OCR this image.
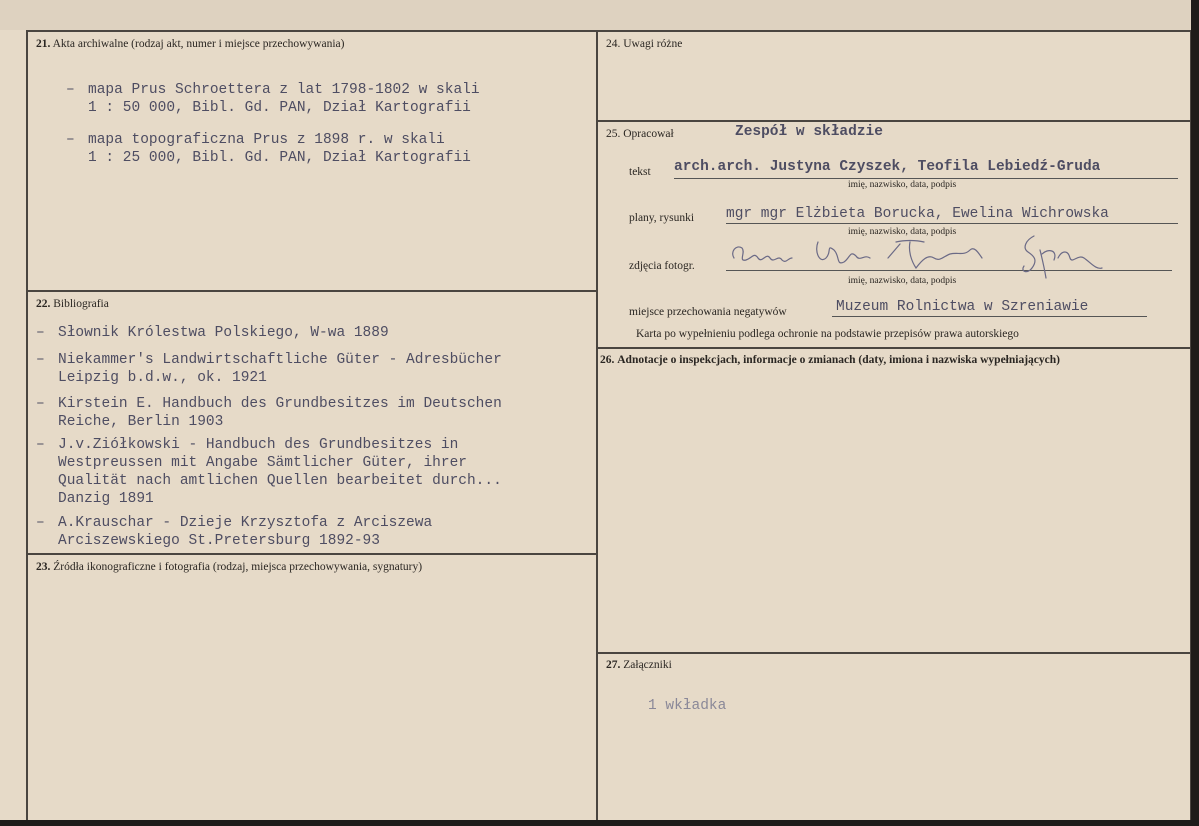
21. Akta archiwalne (rodzaj akt, numer i miejsce przechowywania)
– mapa Prus Schroettera z lat 1798-1802 w skali
1 : 50 000, Bibl. Gd. PAN, Dział Kartografii
– mapa topograficzna Prus z 1898 r. w skali
1 : 25 000, Bibl. Gd. PAN, Dział Kartografii
22. Bibliografia
– Słownik Królestwa Polskiego, W-wa 1889
– Niekammer's Landwirtschaftliche Güter - Adresbücher
Leipzig b.d.w., ok. 1921
– Kirstein E. Handbuch des Grundbesitzes im Deutschen
Reiche, Berlin 1903
– J.v.Ziółkowski - Handbuch des Grundbesitzes in
Westpreussen mit Angabe Sämtlicher Güter, ihrer
Qualität nach amtlichen Quellen bearbeitet durch...
Danzig 1891
– A.Krauschar - Dzieje Krzysztofa z Arciszewa
Arciszewskiego St.Pretersburg 1892-93
23. Źródła ikonograficzne i fotografia (rodzaj, miejsca przechowywania, sygnatury)
24. Uwagi różne
25. Opracował	Zespół w składzie
tekst arch.arch. Justyna Czyszek, Teofila Lebiedź-Gruda
imię, nazwisko, data, podpis
plany, rysunki mgr mgr Elżbieta Borucka, Ewelina Wichrowska
imię, nazwisko, data, podpis
zdjęcia fotogr.
imię, nazwisko, data, podpis
miejsce przechowania negatywów	Muzeum Rolnictwa w Szreniawie
Karta po wypełnieniu podlega ochronie na podstawie przepisów prawa autorskiego
26. Adnotacje o inspekcjach, informacje o zmianach (daty, imiona i nazwiska wypełniających)
27. Załączniki
1 wkładka
